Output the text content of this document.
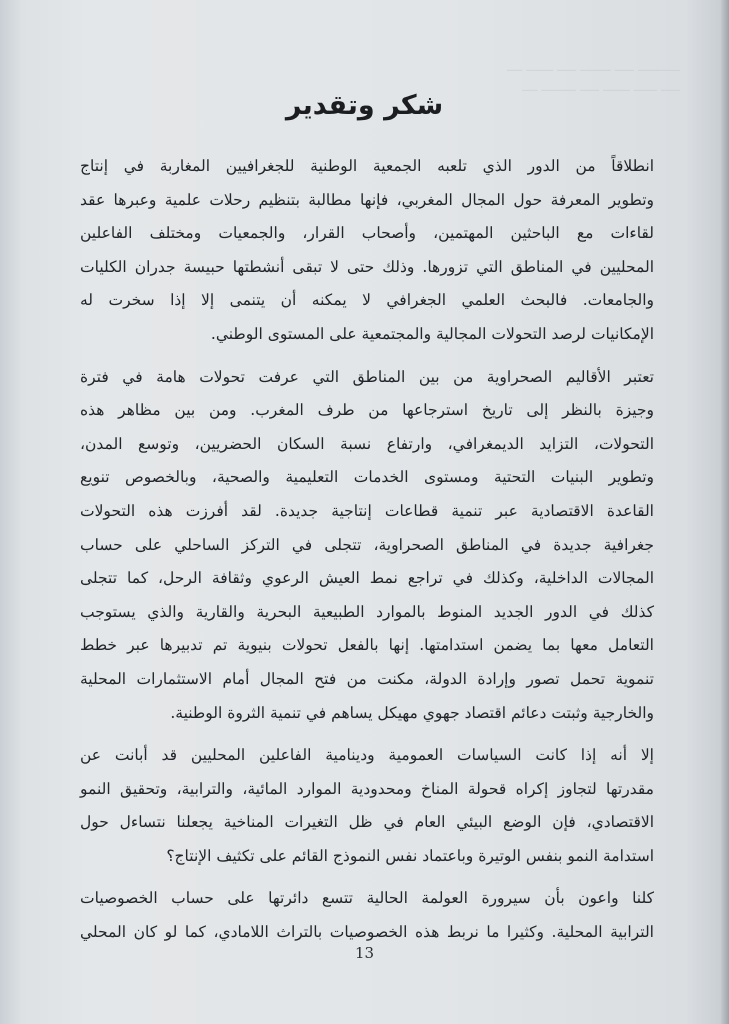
ـــــــــــ ـــــ ــــــــ ـــــ ـــــــ ــــ
ـــــ ــــــ ـــــــ ـــــ ـــــــــ ــــ
شكر وتقدير
انطلاقاً من الدور الذي تلعبه الجمعية الوطنية للجغرافيين المغاربة في إنتاج
وتطوير المعرفة حول المجال المغربي، فإنها مطالبة بتنظيم رحلات علمية وعبرها عقد
لقاءات مع الباحثين المهتمين، وأصحاب القرار، والجمعيات ومختلف الفاعلين
المحليين في المناطق التي تزورها. وذلك حتى لا تبقى أنشطتها حبيسة جدران الكليات
والجامعات. فالبحث العلمي الجغرافي لا يمكنه أن يتنمى إلا إذا سخرت له
الإمكانيات لرصد التحولات المجالية والمجتمعية على المستوى الوطني.
تعتبر الأقاليم الصحراوية من بين المناطق التي عرفت تحولات هامة في فترة
وجيزة بالنظر إلى تاريخ استرجاعها من طرف المغرب. ومن بين مظاهر هذه
التحولات، التزايد الديمغرافي، وارتفاع نسبة السكان الحضريين، وتوسع المدن،
وتطوير البنيات التحتية ومستوى الخدمات التعليمية والصحية، وبالخصوص تنويع
القاعدة الاقتصادية عبر تنمية قطاعات إنتاجية جديدة. لقد أفرزت هذه التحولات
جغرافية جديدة في المناطق الصحراوية، تتجلى في التركز الساحلي على حساب
المجالات الداخلية، وكذلك في تراجع نمط العيش الرعوي وثقافة الرحل، كما تتجلى
كذلك في الدور الجديد المنوط بالموارد الطبيعية البحرية والقارية والذي يستوجب
التعامل معها بما يضمن استدامتها. إنها بالفعل تحولات بنيوية تم تدبيرها عبر خطط
تنموية تحمل تصور وإرادة الدولة، مكنت من فتح المجال أمام الاستثمارات المحلية
والخارجية وثبتت دعائم اقتصاد جهوي مهيكل يساهم في تنمية الثروة الوطنية.
إلا أنه إذا كانت السياسات العمومية ودينامية الفاعلين المحليين قد أبانت عن
مقدرتها لتجاوز إكراه قحولة المناخ ومحدودية الموارد المائية، والترابية، وتحقيق النمو
الاقتصادي، فإن الوضع البيئي العام في ظل التغيرات المناخية يجعلنا نتساءل حول
استدامة النمو بنفس الوتيرة وباعتماد نفس النموذج القائم على تكثيف الإنتاج؟
كلنا واعون بأن سيرورة العولمة الحالية تتسع دائرتها على حساب الخصوصيات
الترابية المحلية. وكثيرا ما نربط هذه الخصوصيات بالتراث اللامادي، كما لو كان المحلي
13
